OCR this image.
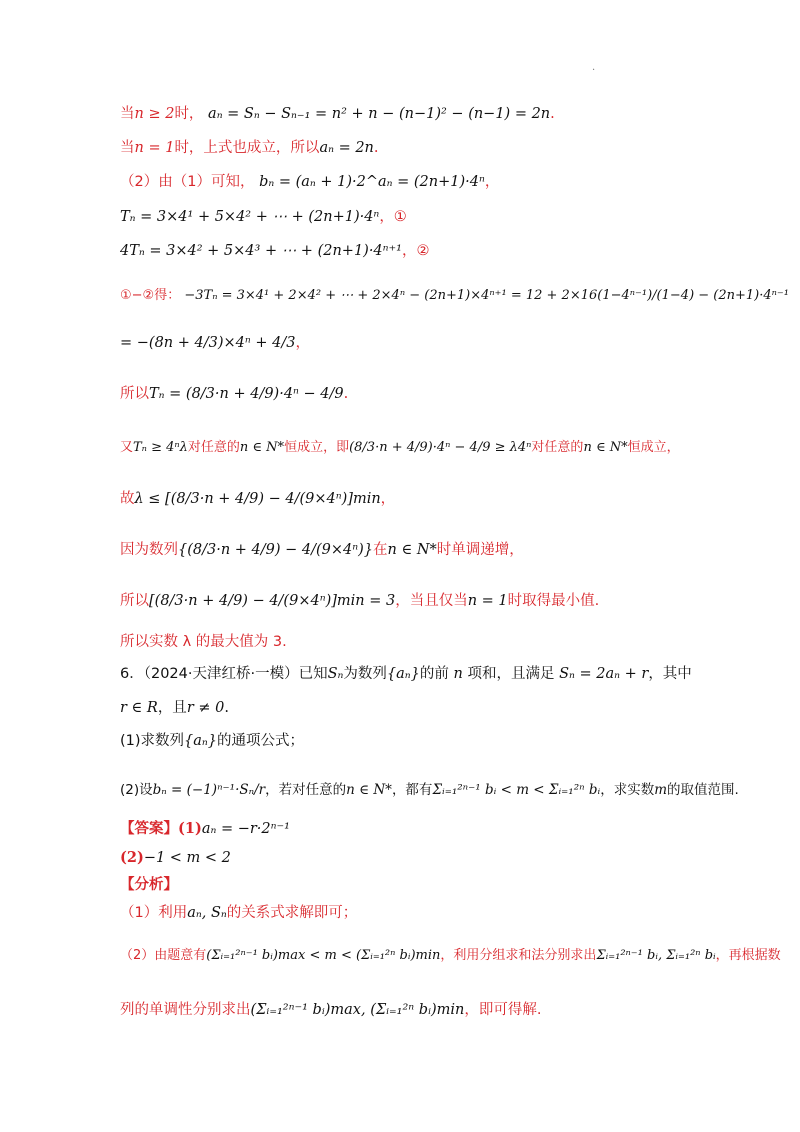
.
当n ≥ 2时， aₙ = Sₙ − Sₙ₋₁ = n² + n − (n−1)² − (n−1) = 2n.
当n = 1时，上式也成立，所以aₙ = 2n.
（2）由（1）可知， bₙ = (aₙ + 1)·2^aₙ = (2n+1)·4ⁿ，
Tₙ = 3×4¹ + 5×4² + ⋯ + (2n+1)·4ⁿ，①
4Tₙ = 3×4² + 5×4³ + ⋯ + (2n+1)·4ⁿ⁺¹，②
①−②得： −3Tₙ = 3×4¹ + 2×4² + ⋯ + 2×4ⁿ − (2n+1)×4ⁿ⁺¹ = 12 + 2×16(1−4ⁿ⁻¹)/(1−4) − (2n+1)·4ⁿ⁻¹
= −(8n + 4/3)×4ⁿ + 4/3，
所以Tₙ = (8/3·n + 4/9)·4ⁿ − 4/9.
又Tₙ ≥ 4ⁿλ对任意的n ∈ N*恒成立，即(8/3·n + 4/9)·4ⁿ − 4/9 ≥ λ4ⁿ对任意的n ∈ N*恒成立，
故λ ≤ [(8/3·n + 4/9) − 4/(9×4ⁿ)]min，
因为数列{(8/3·n + 4/9) − 4/(9×4ⁿ)}在n ∈ N*时单调递增，
所以[(8/3·n + 4/9) − 4/(9×4ⁿ)]min = 3，当且仅当n = 1时取得最小值.
所以实数 λ 的最大值为 3.
6．（2024·天津红桥·一模）已知Sₙ为数列{aₙ}的前 n 项和，且满足 Sₙ = 2aₙ + r，其中
r ∈ R，且r ≠ 0.
(1)求数列{aₙ}的通项公式；
(2)设bₙ = (−1)ⁿ⁻¹·Sₙ/r，若对任意的n ∈ N*，都有Σᵢ₌₁²ⁿ⁻¹ bᵢ < m < Σᵢ₌₁²ⁿ bᵢ，求实数m的取值范围.
【答案】(1)aₙ = −r·2ⁿ⁻¹
(2)−1 < m < 2
【分析】
（1）利用aₙ, Sₙ的关系式求解即可；
（2）由题意有(Σᵢ₌₁²ⁿ⁻¹ bᵢ)max < m < (Σᵢ₌₁²ⁿ bᵢ)min，利用分组求和法分别求出Σᵢ₌₁²ⁿ⁻¹ bᵢ, Σᵢ₌₁²ⁿ bᵢ，再根据数
列的单调性分别求出(Σᵢ₌₁²ⁿ⁻¹ bᵢ)max, (Σᵢ₌₁²ⁿ bᵢ)min，即可得解.
